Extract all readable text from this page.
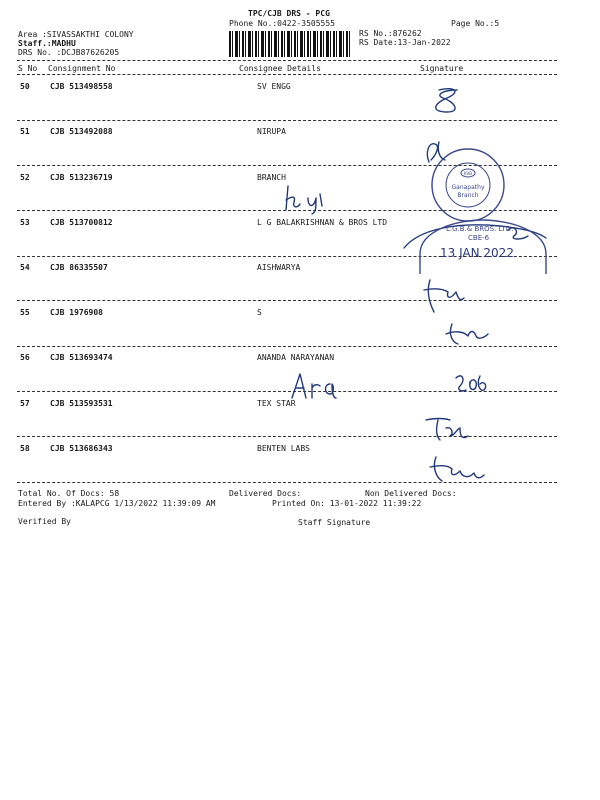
TPC/CJB DRS - PCG
Phone No.:0422-3505555	Page No.:5
Area :SIVASSAKTHI COLONY
Staff.:MADHU
DRS No. :DCJB87626205
RS No.:876262
RS Date:13-Jan-2022
S No Consignment No	Consignee Details	Signature
50	CJB 513498558	SV ENGG
51	CJB 513492088	NIRUPA
52	CJB 513236719	BRANCH
53	CJB 513700812	L G BALAKRISHNAN & BROS LTD
54	CJB 86335507	AISHWARYA
55	CJB 1976908	S
56	CJB 513693474	ANANDA NARAYANAN
57	CJB 513593531	TEX STAR
58	CJB 513686343	BENTEN LABS
Total No. Of Docs: 58	Delivered Docs:	Non Delivered Docs:
Entered By :KALAPCG 1/13/2022 11:39:09 AM	Printed On: 13-01-2022 11:39:22
Verified By	Staff Signature
KVB
Ganapathy
Branch
L.G.B.& BROS. LTD.
CBE-6
13 JAN 2022
